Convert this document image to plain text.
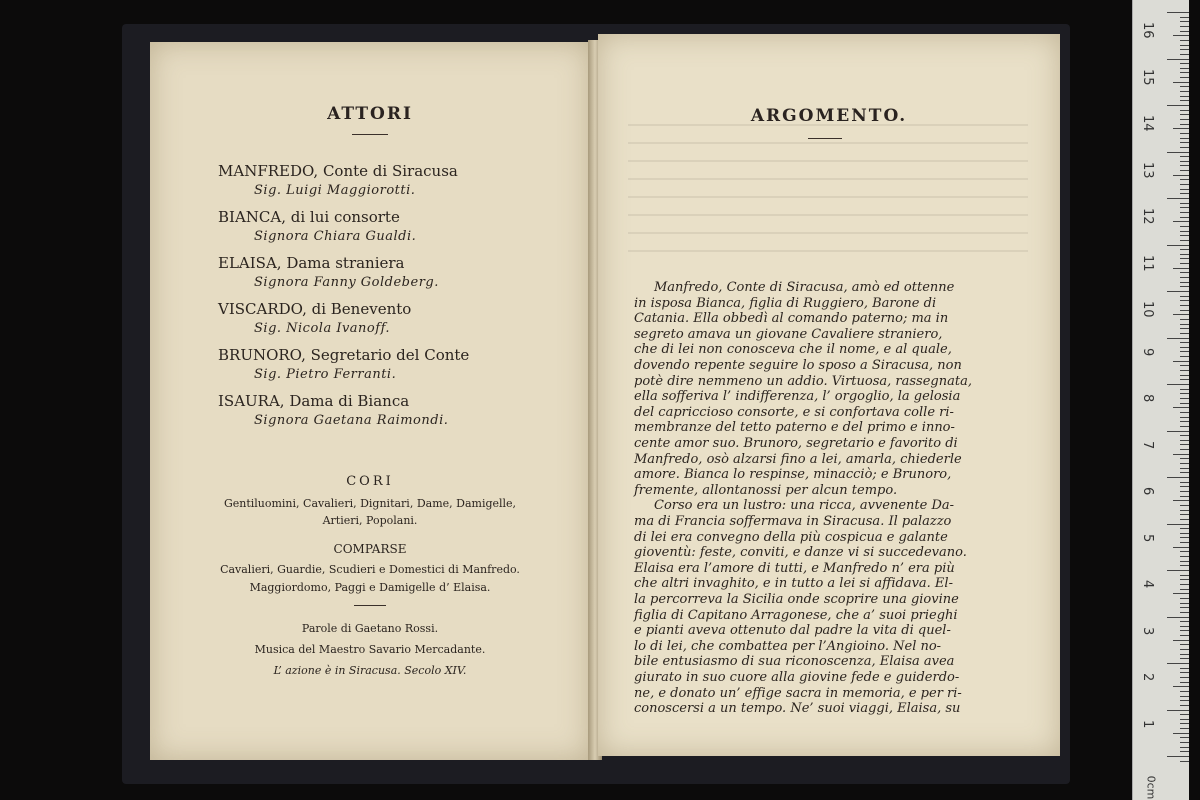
ATTORI
MANFREDO, Conte di Siracusa
Sig. Luigi Maggiorotti.
BIANCA, di lui consorte
Signora Chiara Gualdi.
ELAISA, Dama straniera
Signora Fanny Goldeberg.
VISCARDO, di Benevento
Sig. Nicola Ivanoff.
BRUNORO, Segretario del Conte
Sig. Pietro Ferranti.
ISAURA, Dama di Bianca
Signora Gaetana Raimondi.
CORI
Gentiluomini, Cavalieri, Dignitari, Dame, Damigelle,
Artieri, Popolani.
COMPARSE
Cavalieri, Guardie, Scudieri e Domestici di Manfredo.
Maggiordomo, Paggi e Damigelle d’ Elaisa.
Parole di Gaetano Rossi.
Musica del Maestro Savario Mercadante.
L’ azione è in Siracusa. Secolo XIV.
ARGOMENTO.
Manfredo, Conte di Siracusa, amò ed ottenne
in isposa Bianca, figlia di Ruggiero, Barone di
Catania. Ella obbedì al comando paterno; ma in
segreto amava un giovane Cavaliere straniero,
che di lei non conosceva che il nome, e al quale,
dovendo repente seguire lo sposo a Siracusa, non
potè dire nemmeno un addio. Virtuosa, rassegnata,
ella sofferiva l’ indifferenza, l’ orgoglio, la gelosia
del capriccioso consorte, e si confortava colle ri-
membranze del tetto paterno e del primo e inno-
cente amor suo. Brunoro, segretario e favorito di
Manfredo, osò alzarsi fino a lei, amarla, chiederle
amore. Bianca lo respinse, minacciò; e Brunoro,
fremente, allontanossi per alcun tempo.
Corso era un lustro: una ricca, avvenente Da-
ma di Francia soffermava in Siracusa. Il palazzo
di lei era convegno della più cospicua e galante
gioventù: feste, conviti, e danze vi si succedevano.
Elaisa era l’amore di tutti, e Manfredo n’ era più
che altri invaghito, e in tutto a lei si affidava. El-
la percorreva la Sicilia onde scoprire una giovine
figlia di Capitano Arragonese, che a’ suoi prieghi
e pianti aveva ottenuto dal padre la vita di quel-
lo di lei, che combattea per l’Angioino. Nel no-
bile entusiasmo di sua riconoscenza, Elaisa avea
giurato in suo cuore alla giovine fede e guiderdo-
ne, e donato un’ effige sacra in memoria, e per ri-
conoscersi a un tempo. Ne’ suoi viaggi, Elaisa, su
0cm
16
15
14
13
12
11
10
9
8
7
6
5
4
3
2
1
